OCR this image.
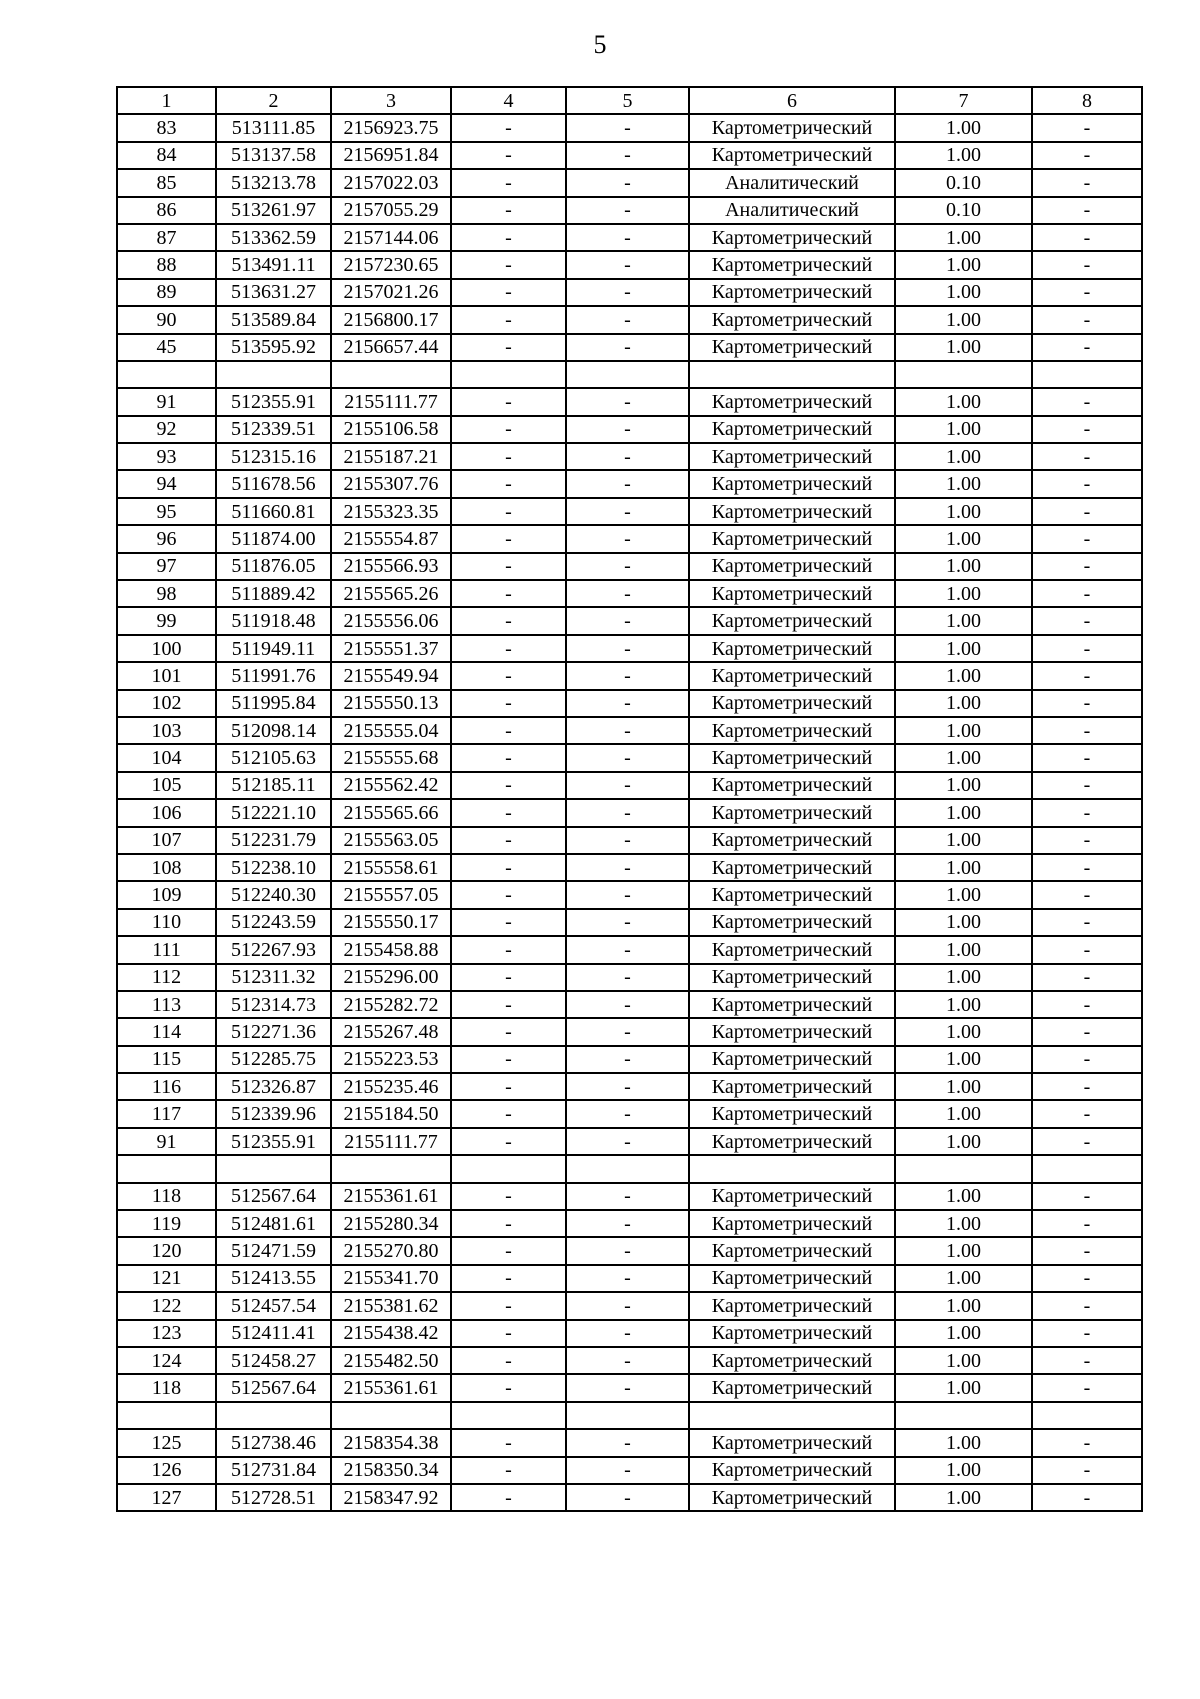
5
1	2	3	4	5	6	7	8
83	513111.85	2156923.75	-	-	Картометрический	1.00	-
84	513137.58	2156951.84	-	-	Картометрический	1.00	-
85	513213.78	2157022.03	-	-	Аналитический	0.10	-
86	513261.97	2157055.29	-	-	Аналитический	0.10	-
87	513362.59	2157144.06	-	-	Картометрический	1.00	-
88	513491.11	2157230.65	-	-	Картометрический	1.00	-
89	513631.27	2157021.26	-	-	Картометрический	1.00	-
90	513589.84	2156800.17	-	-	Картометрический	1.00	-
45	513595.92	2156657.44	-	-	Картометрический	1.00	-

91	512355.91	2155111.77	-	-	Картометрический	1.00	-
92	512339.51	2155106.58	-	-	Картометрический	1.00	-
93	512315.16	2155187.21	-	-	Картометрический	1.00	-
94	511678.56	2155307.76	-	-	Картометрический	1.00	-
95	511660.81	2155323.35	-	-	Картометрический	1.00	-
96	511874.00	2155554.87	-	-	Картометрический	1.00	-
97	511876.05	2155566.93	-	-	Картометрический	1.00	-
98	511889.42	2155565.26	-	-	Картометрический	1.00	-
99	511918.48	2155556.06	-	-	Картометрический	1.00	-
100	511949.11	2155551.37	-	-	Картометрический	1.00	-
101	511991.76	2155549.94	-	-	Картометрический	1.00	-
102	511995.84	2155550.13	-	-	Картометрический	1.00	-
103	512098.14	2155555.04	-	-	Картометрический	1.00	-
104	512105.63	2155555.68	-	-	Картометрический	1.00	-
105	512185.11	2155562.42	-	-	Картометрический	1.00	-
106	512221.10	2155565.66	-	-	Картометрический	1.00	-
107	512231.79	2155563.05	-	-	Картометрический	1.00	-
108	512238.10	2155558.61	-	-	Картометрический	1.00	-
109	512240.30	2155557.05	-	-	Картометрический	1.00	-
110	512243.59	2155550.17	-	-	Картометрический	1.00	-
111	512267.93	2155458.88	-	-	Картометрический	1.00	-
112	512311.32	2155296.00	-	-	Картометрический	1.00	-
113	512314.73	2155282.72	-	-	Картометрический	1.00	-
114	512271.36	2155267.48	-	-	Картометрический	1.00	-
115	512285.75	2155223.53	-	-	Картометрический	1.00	-
116	512326.87	2155235.46	-	-	Картометрический	1.00	-
117	512339.96	2155184.50	-	-	Картометрический	1.00	-
91	512355.91	2155111.77	-	-	Картометрический	1.00	-

118	512567.64	2155361.61	-	-	Картометрический	1.00	-
119	512481.61	2155280.34	-	-	Картометрический	1.00	-
120	512471.59	2155270.80	-	-	Картометрический	1.00	-
121	512413.55	2155341.70	-	-	Картометрический	1.00	-
122	512457.54	2155381.62	-	-	Картометрический	1.00	-
123	512411.41	2155438.42	-	-	Картометрический	1.00	-
124	512458.27	2155482.50	-	-	Картометрический	1.00	-
118	512567.64	2155361.61	-	-	Картометрический	1.00	-

125	512738.46	2158354.38	-	-	Картометрический	1.00	-
126	512731.84	2158350.34	-	-	Картометрический	1.00	-
127	512728.51	2158347.92	-	-	Картометрический	1.00	-
